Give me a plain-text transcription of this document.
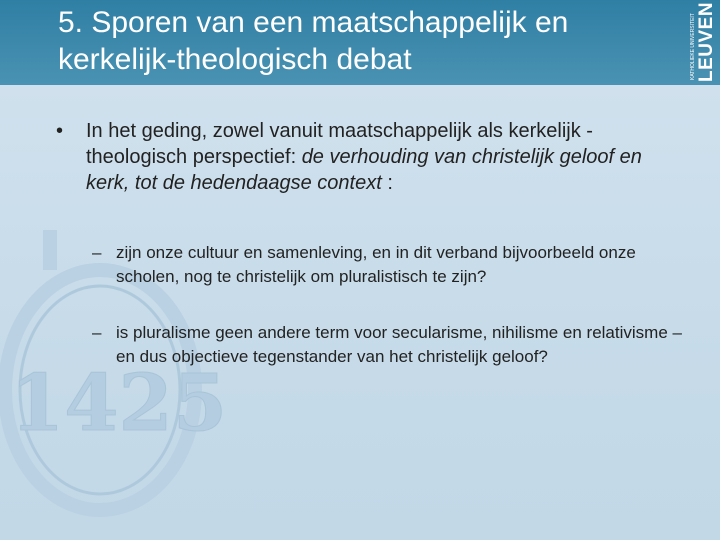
1425
5. Sporen van een maatschappelijk en kerkelijk-theologisch debat	KATHOLIEKE UNIVERSITEIT LEUVEN
• In het geding, zowel vanuit maatschappelijk als kerkelijk -theologisch perspectief: de verhouding van christelijk geloof en kerk, tot de hedendaagse context :
– zijn onze cultuur en samenleving, en in dit verband bijvoorbeeld onze scholen, nog te christelijk om pluralistisch te zijn?
– is pluralisme geen andere term voor secularisme, nihilisme en relativisme – en dus objectieve tegenstander van het christelijk geloof?
